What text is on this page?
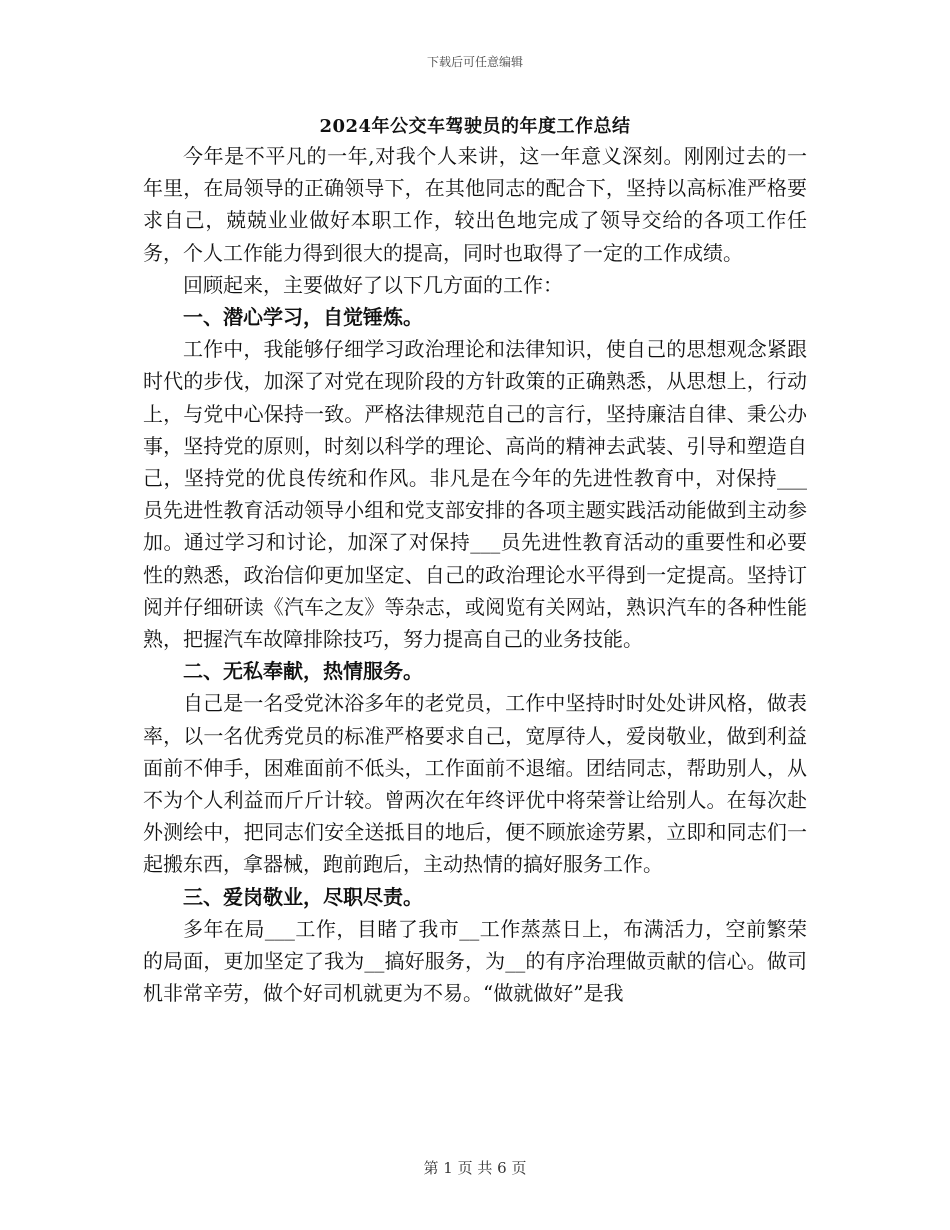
下载后可任意编辑
2024年公交车驾驶员的年度工作总结

今年是不平凡的一年,对我个人来讲，这一年意义深刻。刚刚过去的一年里，在局领导的正确领导下，在其他同志的配合下，坚持以高标准严格要求自己，兢兢业业做好本职工作，较出色地完成了领导交给的各项工作任务，个人工作能力得到很大的提高，同时也取得了一定的工作成绩。

回顾起来，主要做好了以下几方面的工作：

一、潜心学习，自觉锤炼。

工作中，我能够仔细学习政治理论和法律知识，使自己的思想观念紧跟时代的步伐，加深了对党在现阶段的方针政策的正确熟悉，从思想上，行动上，与党中心保持一致。严格法律规范自己的言行，坚持廉洁自律、秉公办事，坚持党的原则，时刻以科学的理论、高尚的精神去武装、引导和塑造自己，坚持党的优良传统和作风。非凡是在今年的先进性教育中，对保持___员先进性教育活动领导小组和党支部安排的各项主题实践活动能做到主动参加。通过学习和讨论，加深了对保持___员先进性教育活动的重要性和必要性的熟悉，政治信仰更加坚定、自己的政治理论水平得到一定提高。坚持订阅并仔细研读《汽车之友》等杂志，或阅览有关网站，熟识汽车的各种性能熟，把握汽车故障排除技巧，努力提高自己的业务技能。

二、无私奉献，热情服务。

自己是一名受党沐浴多年的老党员，工作中坚持时时处处讲风格，做表率，以一名优秀党员的标准严格要求自己，宽厚待人，爱岗敬业，做到利益面前不伸手，困难面前不低头，工作面前不退缩。团结同志，帮助别人，从不为个人利益而斤斤计较。曾两次在年终评优中将荣誉让给别人。在每次赴外测绘中，把同志们安全送抵目的地后，便不顾旅途劳累，立即和同志们一起搬东西，拿器械，跑前跑后，主动热情的搞好服务工作。

三、爱岗敬业，尽职尽责。

多年在局___工作，目睹了我市__工作蒸蒸日上，布满活力，空前繁荣的局面，更加坚定了我为__搞好服务，为__的有序治理做贡献的信心。做司机非常辛劳，做个好司机就更为不易。“做就做好”是我

第 1 页 共 6 页
